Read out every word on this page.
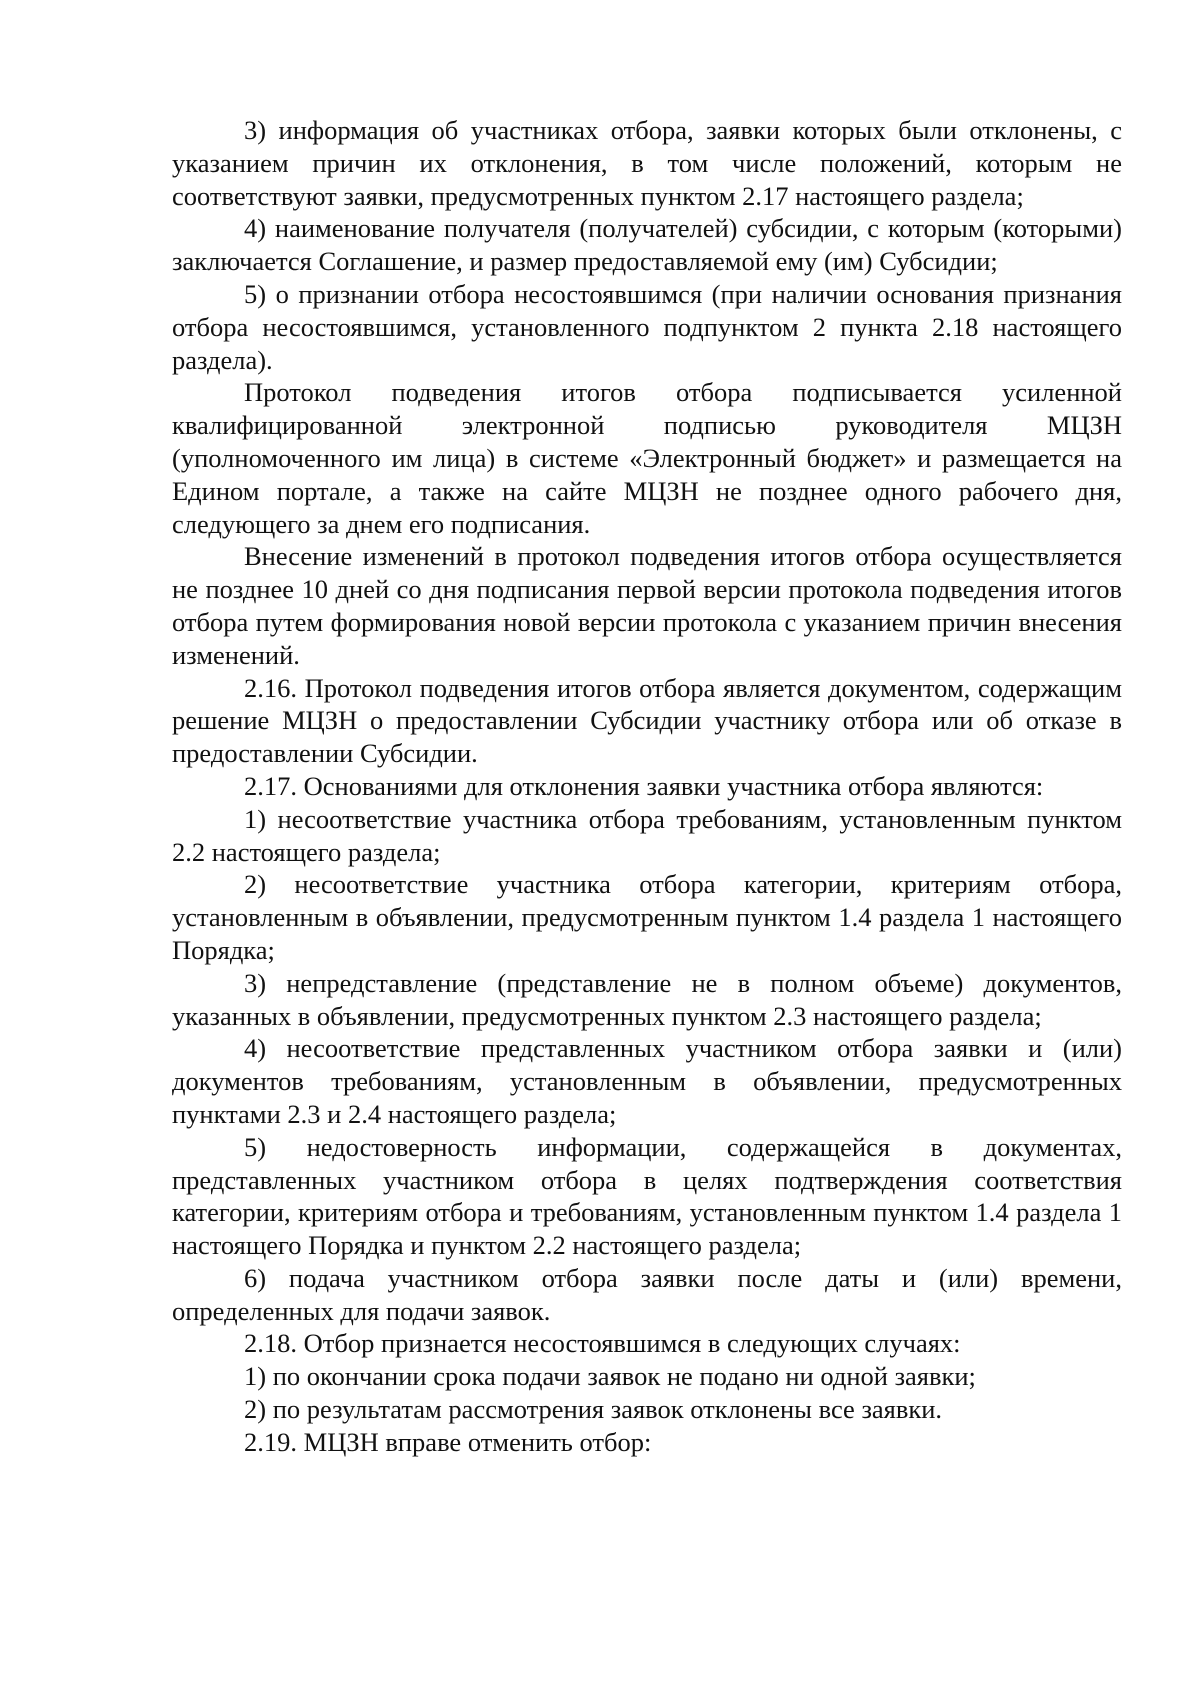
3) информация об участниках отбора, заявки которых были отклонены, с указанием причин их отклонения, в том числе положений, которым не соответствуют заявки, предусмотренных пунктом 2.17 настоящего раздела;

4) наименование получателя (получателей) субсидии, с которым (которыми) заключается Соглашение, и размер предоставляемой ему (им) Субсидии;

5) о признании отбора несостоявшимся (при наличии основания признания отбора несостоявшимся, установленного подпунктом 2 пункта 2.18 настоящего раздела).

Протокол подведения итогов отбора подписывается усиленной квалифицированной электронной подписью руководителя МЦЗН (уполномоченного им лица) в системе «Электронный бюджет» и размещается на Едином портале, а также на сайте МЦЗН не позднее одного рабочего дня, следующего за днем его подписания.

Внесение изменений в протокол подведения итогов отбора осуществляется не позднее 10 дней со дня подписания первой версии протокола подведения итогов отбора путем формирования новой версии протокола с указанием причин внесения изменений.

2.16. Протокол подведения итогов отбора является документом, содержащим решение МЦЗН о предоставлении Субсидии участнику отбора или об отказе в предоставлении Субсидии.

2.17. Основаниями для отклонения заявки участника отбора являются:

1) несоответствие участника отбора требованиям, установленным пунктом 2.2 настоящего раздела;

2) несоответствие участника отбора категории, критериям отбора, установленным в объявлении, предусмотренным пунктом 1.4 раздела 1 настоящего Порядка;

3) непредставление (представление не в полном объеме) документов, указанных в объявлении, предусмотренных пунктом 2.3 настоящего раздела;

4) несоответствие представленных участником отбора заявки и (или) документов требованиям, установленным в объявлении, предусмотренных пунктами 2.3 и 2.4 настоящего раздела;

5) недостоверность информации, содержащейся в документах, представленных участником отбора в целях подтверждения соответствия категории, критериям отбора и требованиям, установленным пунктом 1.4 раздела 1 настоящего Порядка и пунктом 2.2 настоящего раздела;

6) подача участником отбора заявки после даты и (или) времени, определенных для подачи заявок.

2.18. Отбор признается несостоявшимся в следующих случаях:

1) по окончании срока подачи заявок не подано ни одной заявки;

2) по результатам рассмотрения заявок отклонены все заявки.

2.19. МЦЗН вправе отменить отбор:
